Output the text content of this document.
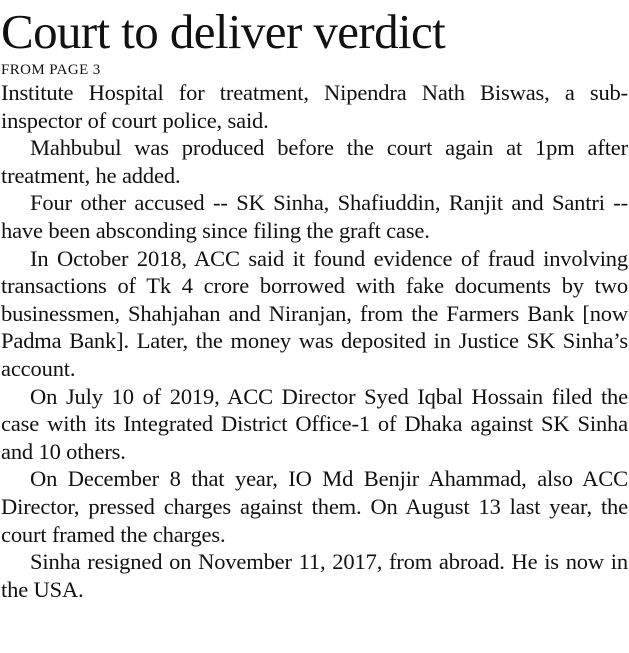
Court to deliver verdict
FROM PAGE 3

Institute Hospital for treatment, Nipendra Nath Biswas, a sub-inspector of court police, said.

Mahbubul was produced before the court again at 1pm after treatment, he added.

Four other accused -- SK Sinha, Shafiuddin, Ranjit and Santri -- have been absconding since filing the graft case.

In October 2018, ACC said it found evidence of fraud involving transactions of Tk 4 crore borrowed with fake documents by two businessmen, Shahjahan and Niranjan, from the Farmers Bank [now Padma Bank]. Later, the money was deposited in Justice SK Sinha’s account.

On July 10 of 2019, ACC Director Syed Iqbal Hossain filed the case with its Integrated District Office-1 of Dhaka against SK Sinha and 10 others.

On December 8 that year, IO Md Benjir Ahammad, also ACC Director, pressed charges against them. On August 13 last year, the court framed the charges.

Sinha resigned on November 11, 2017, from abroad. He is now in the USA.
